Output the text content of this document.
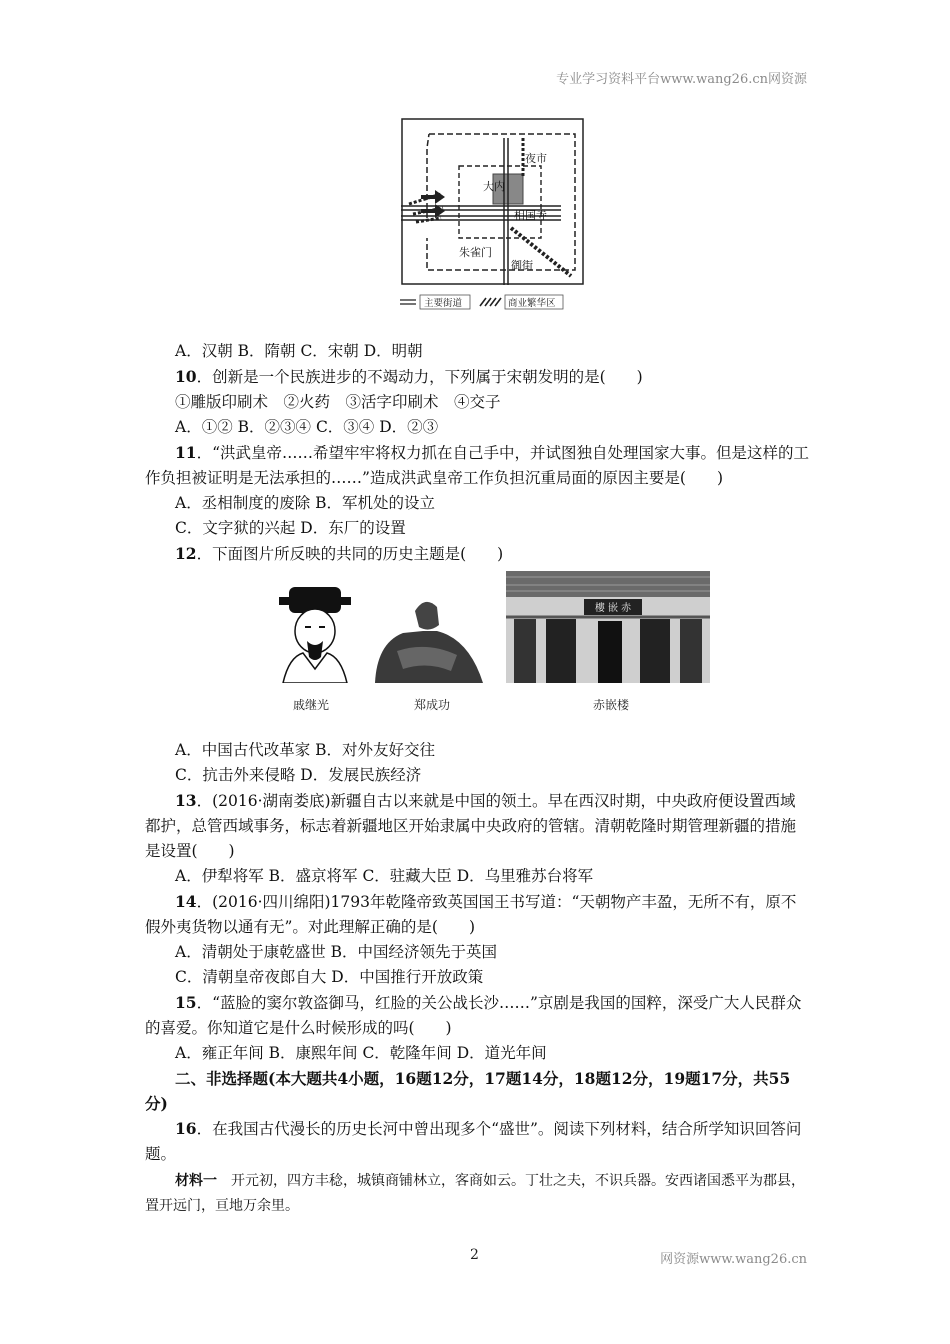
专业学习资料平台www.wang26.cn网资源
夜市
大内
相国寺
朱雀门
御街
主要街道	商业繁华区
A．汉朝 B．隋朝 C．宋朝 D．明朝
10．创新是一个民族进步的不竭动力，下列属于宋朝发明的是(　　)
①雕版印刷术　②火药　③活字印刷术　④交子
A．①② B．②③④ C．③④ D．②③
11．“洪武皇帝……希望牢牢将权力抓在自己手中，并试图独自处理国家大事。但是这样的工作负担被证明是无法承担的……”造成洪武皇帝工作负担沉重局面的原因主要是(　　)
A．丞相制度的废除 B．军机处的设立
C．文字狱的兴起 D．东厂的设置
12．下面图片所反映的共同的历史主题是(　　)
戚继光	郑成功
樓 嵌 赤
赤嵌楼
A．中国古代改革家 B．对外友好交往
C．抗击外来侵略 D．发展民族经济
13．(2016·湖南娄底)新疆自古以来就是中国的领土。早在西汉时期，中央政府便设置西域都护，总管西域事务，标志着新疆地区开始隶属中央政府的管辖。清朝乾隆时期管理新疆的措施是设置(　　)
A．伊犁将军 B．盛京将军 C．驻藏大臣 D．乌里雅苏台将军
14．(2016·四川绵阳)1793年乾隆帝致英国国王书写道：“天朝物产丰盈，无所不有，原不假外夷货物以通有无”。对此理解正确的是(　　)
A．清朝处于康乾盛世 B．中国经济领先于英国
C．清朝皇帝夜郎自大 D．中国推行开放政策
15．“蓝脸的窦尔敦盗御马，红脸的关公战长沙……”京剧是我国的国粹，深受广大人民群众的喜爱。你知道它是什么时候形成的吗(　　)
A．雍正年间 B．康熙年间 C．乾隆年间 D．道光年间
二、非选择题(本大题共4小题，16题12分，17题14分，18题12分，19题17分，共55分)
16．在我国古代漫长的历史长河中曾出现多个“盛世”。阅读下列材料，结合所学知识回答问题。
材料一　开元初，四方丰稔，城镇商铺林立，客商如云。丁壮之夫，不识兵器。安西诸国悉平为郡县，置开远门，亘地万余里。
2	网资源www.wang26.cn
